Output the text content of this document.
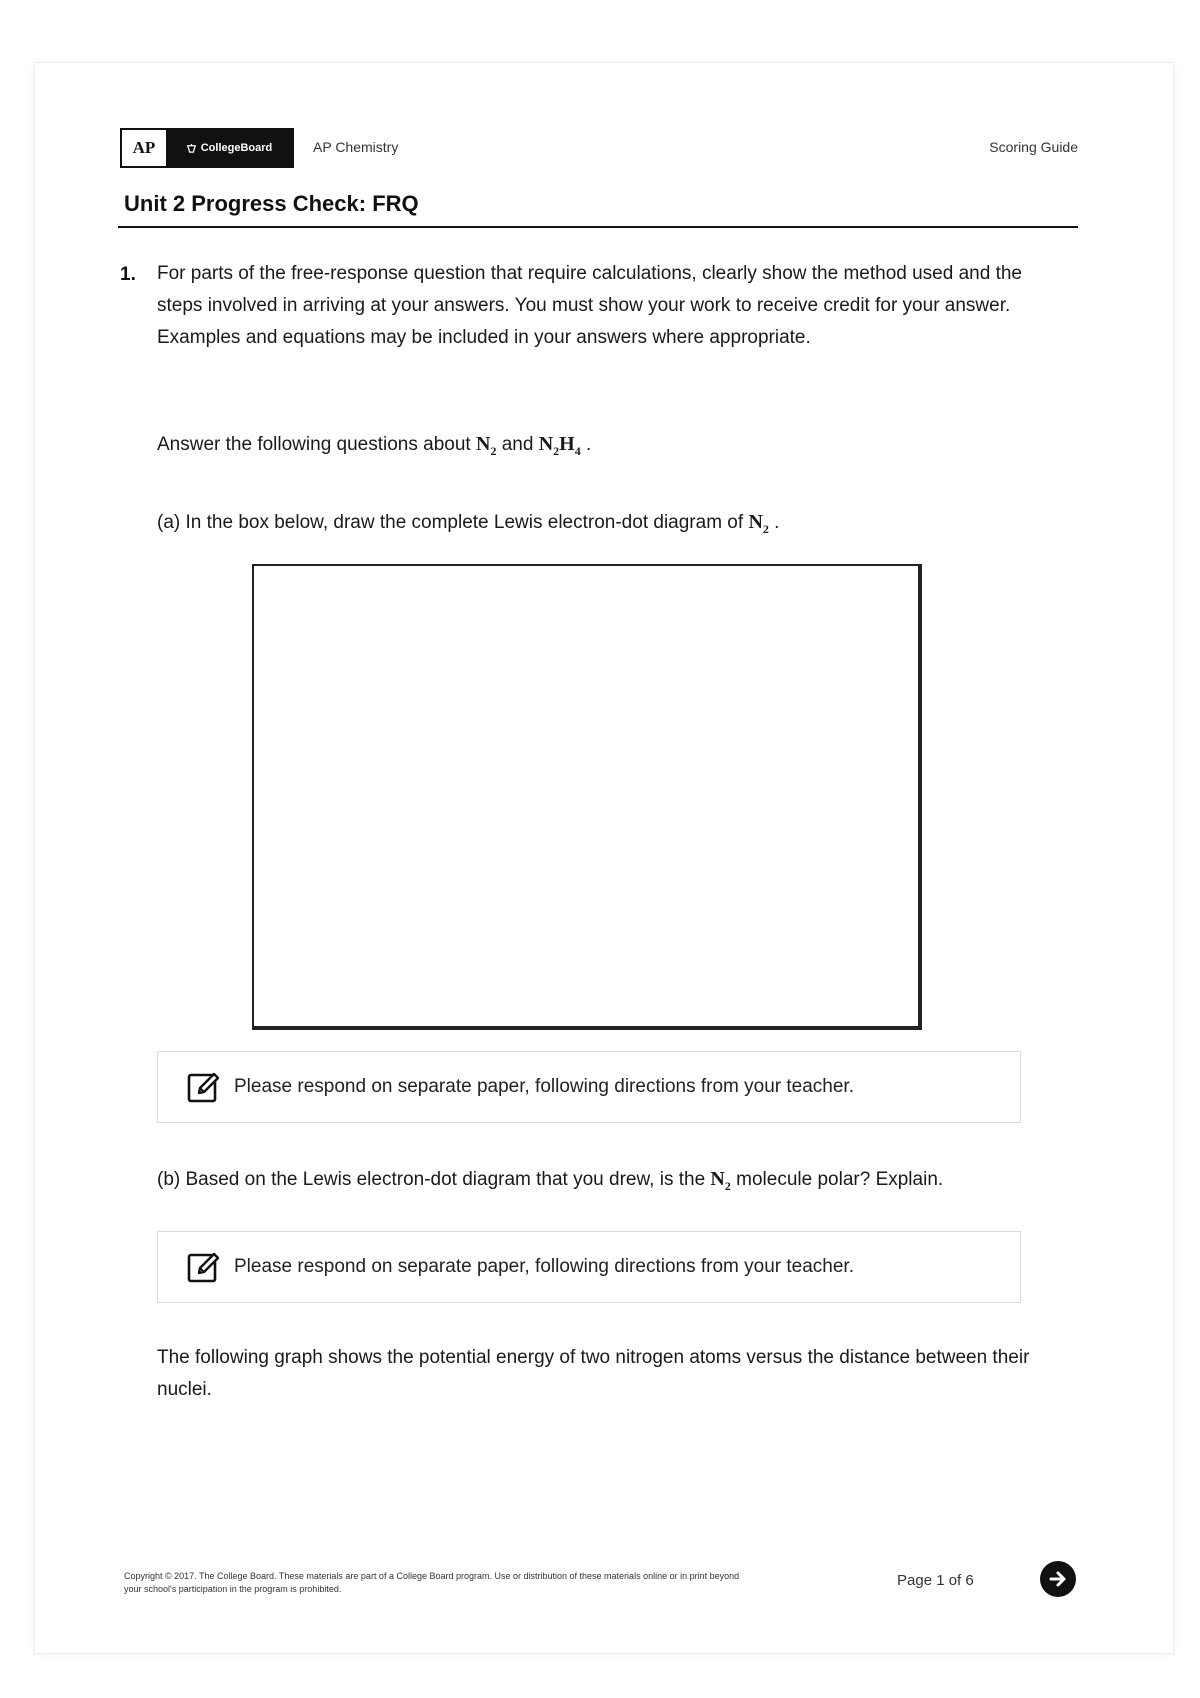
AP	CollegeBoard	AP Chemistry	Scoring Guide
Unit 2 Progress Check: FRQ
1. For parts of the free-response question that require calculations, clearly show the method used and the steps involved in arriving at your answers. You must show your work to receive credit for your answer. Examples and equations may be included in your answers where appropriate.
Answer the following questions about $N_2$ and $N_2H_4$ .
(a) In the box below, draw the complete Lewis electron-dot diagram of $N_2$ .
Please respond on separate paper, following directions from your teacher.
(b) Based on the Lewis electron-dot diagram that you drew, is the $N_2$ molecule polar? Explain.
Please respond on separate paper, following directions from your teacher.
The following graph shows the potential energy of two nitrogen atoms versus the distance between their nuclei.
Copyright © 2017. The College Board. These materials are part of a College Board program. Use or distribution of these materials online or in print beyond your school's participation in the program is prohibited.	Page 1 of 6
